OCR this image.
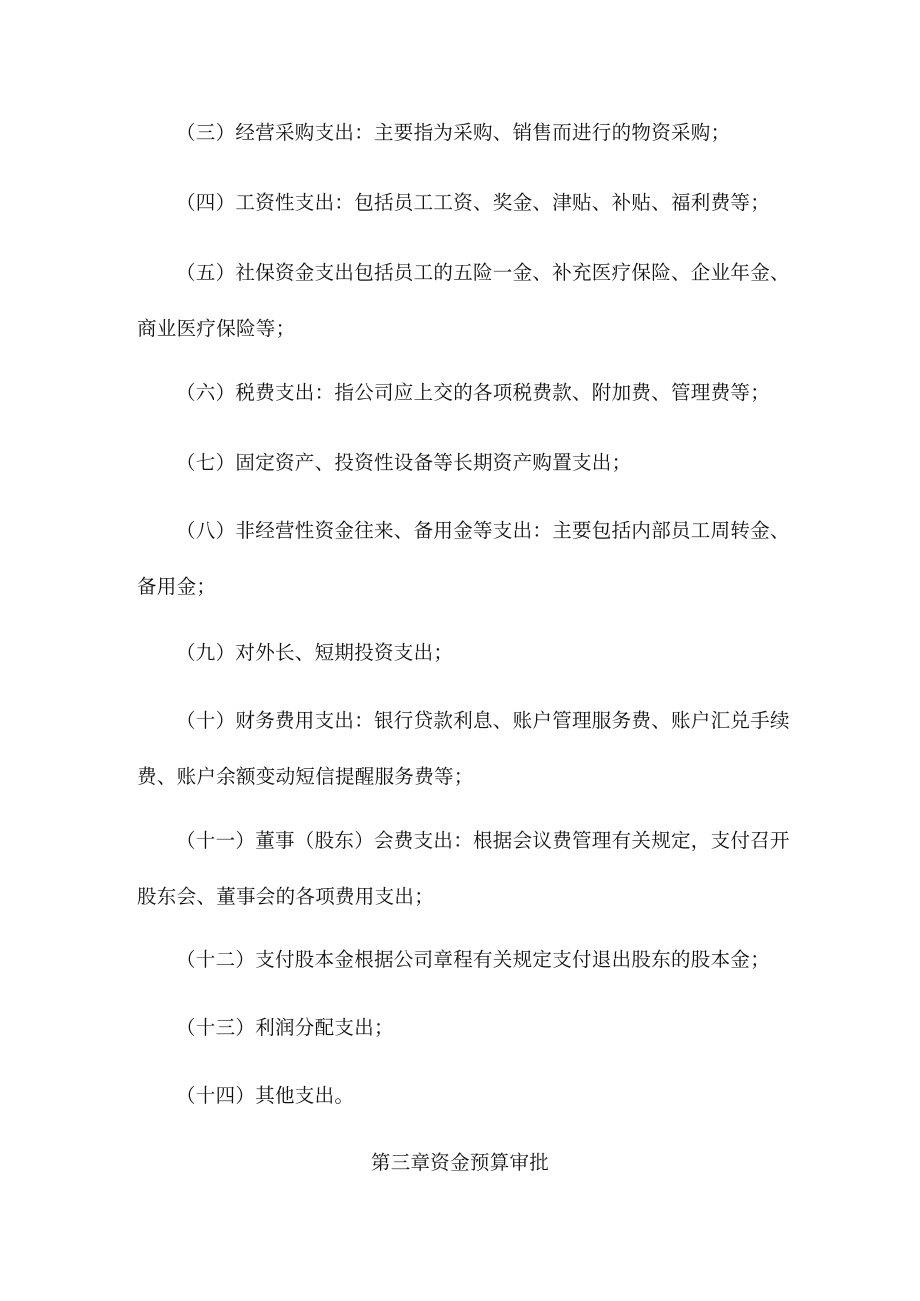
（三）经营采购支出：主要指为采购、销售而进行的物资采购；

（四）工资性支出：包括员工工资、奖金、津贴、补贴、福利费等；

（五）社保资金支出包括员工的五险一金、补充医疗保险、企业年金、
商业医疗保险等；

（六）税费支出：指公司应上交的各项税费款、附加费、管理费等；

（七）固定资产、投资性设备等长期资产购置支出；

（八）非经营性资金往来、备用金等支出：主要包括内部员工周转金、
备用金；

（九）对外长、短期投资支出；

（十）财务费用支出：银行贷款利息、账户管理服务费、账户汇兑手续
费、账户余额变动短信提醒服务费等；

（十一）董事（股东）会费支出：根据会议费管理有关规定，支付召开
股东会、董事会的各项费用支出；

（十二）支付股本金根据公司章程有关规定支付退出股东的股本金；

（十三）利润分配支出；

（十四）其他支出。

第三章资金预算审批
